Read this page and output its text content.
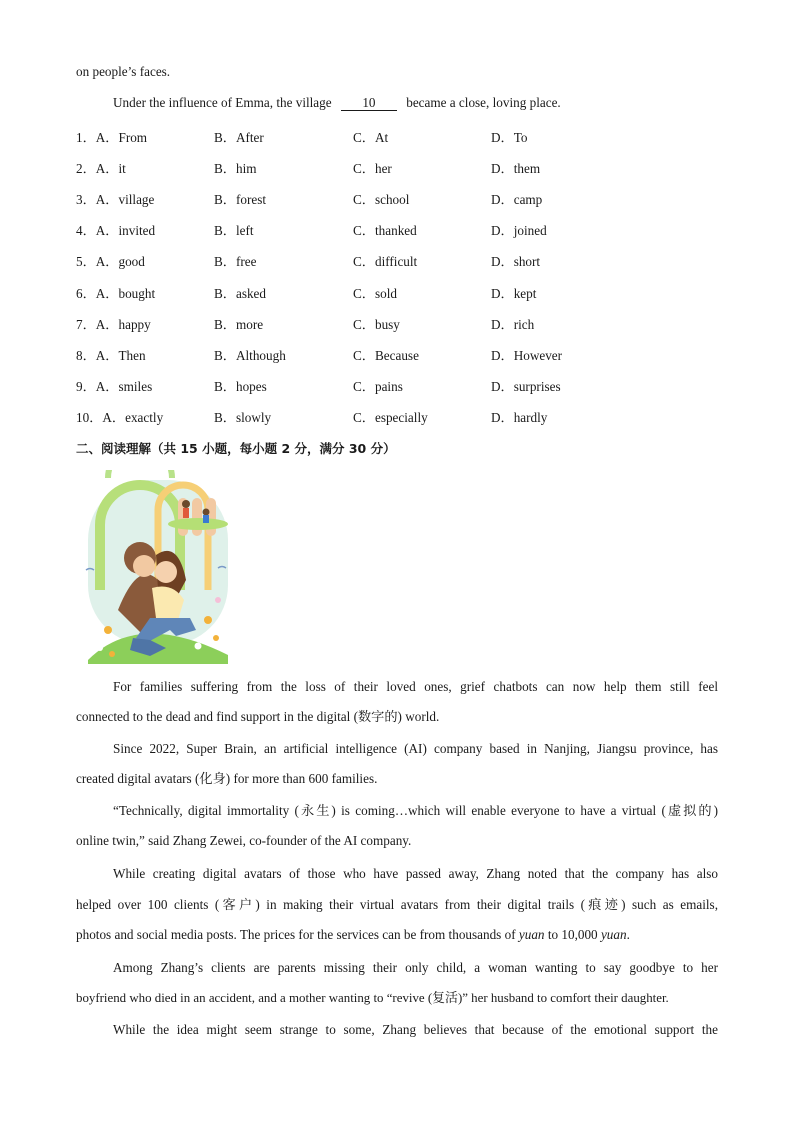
on people’s faces.
Under the influence of Emma, the village 10 became a close, loving place.
1．A．From	B．After	C．At	D．To
2．A．it	B．him	C．her	D．them
3．A．village	B．forest	C．school	D．camp
4．A．invited	B．left	C．thanked	D．joined
5．A．good	B．free	C．difficult	D．short
6．A．bought	B．asked	C．sold	D．kept
7．A．happy	B．more	C．busy	D．rich
8．A．Then	B．Although	C．Because	D．However
9．A．smiles	B．hopes	C．pains	D．surprises
10．A．exactly	B．slowly	C．especially	D．hardly
二、阅读理解（共 15 小题，每小题 2 分，满分 30 分）
For families suffering from the loss of their loved ones, grief chatbots can now help them still feel
connected to the dead and find support in the digital (数字的) world.
Since 2022, Super Brain, an artificial intelligence (AI) company based in Nanjing, Jiangsu province, has
created digital avatars (化身) for more than 600 families.
“Technically, digital immortality (永生) is coming…which will enable everyone to have a virtual (虚拟的)
online twin,” said Zhang Zewei, co-founder of the AI company.
While creating digital avatars of those who have passed away, Zhang noted that the company has also
helped over 100 clients (客户) in making their virtual avatars from their digital trails (痕迹) such as emails,
photos and social media posts. The prices for the services can be from thousands of yuan to 10,000 yuan.
Among Zhang’s clients are parents missing their only child, a woman wanting to say goodbye to her
boyfriend who died in an accident, and a mother wanting to “revive (复活)” her husband to comfort their daughter.
While the idea might seem strange to some, Zhang believes that because of the emotional support the
